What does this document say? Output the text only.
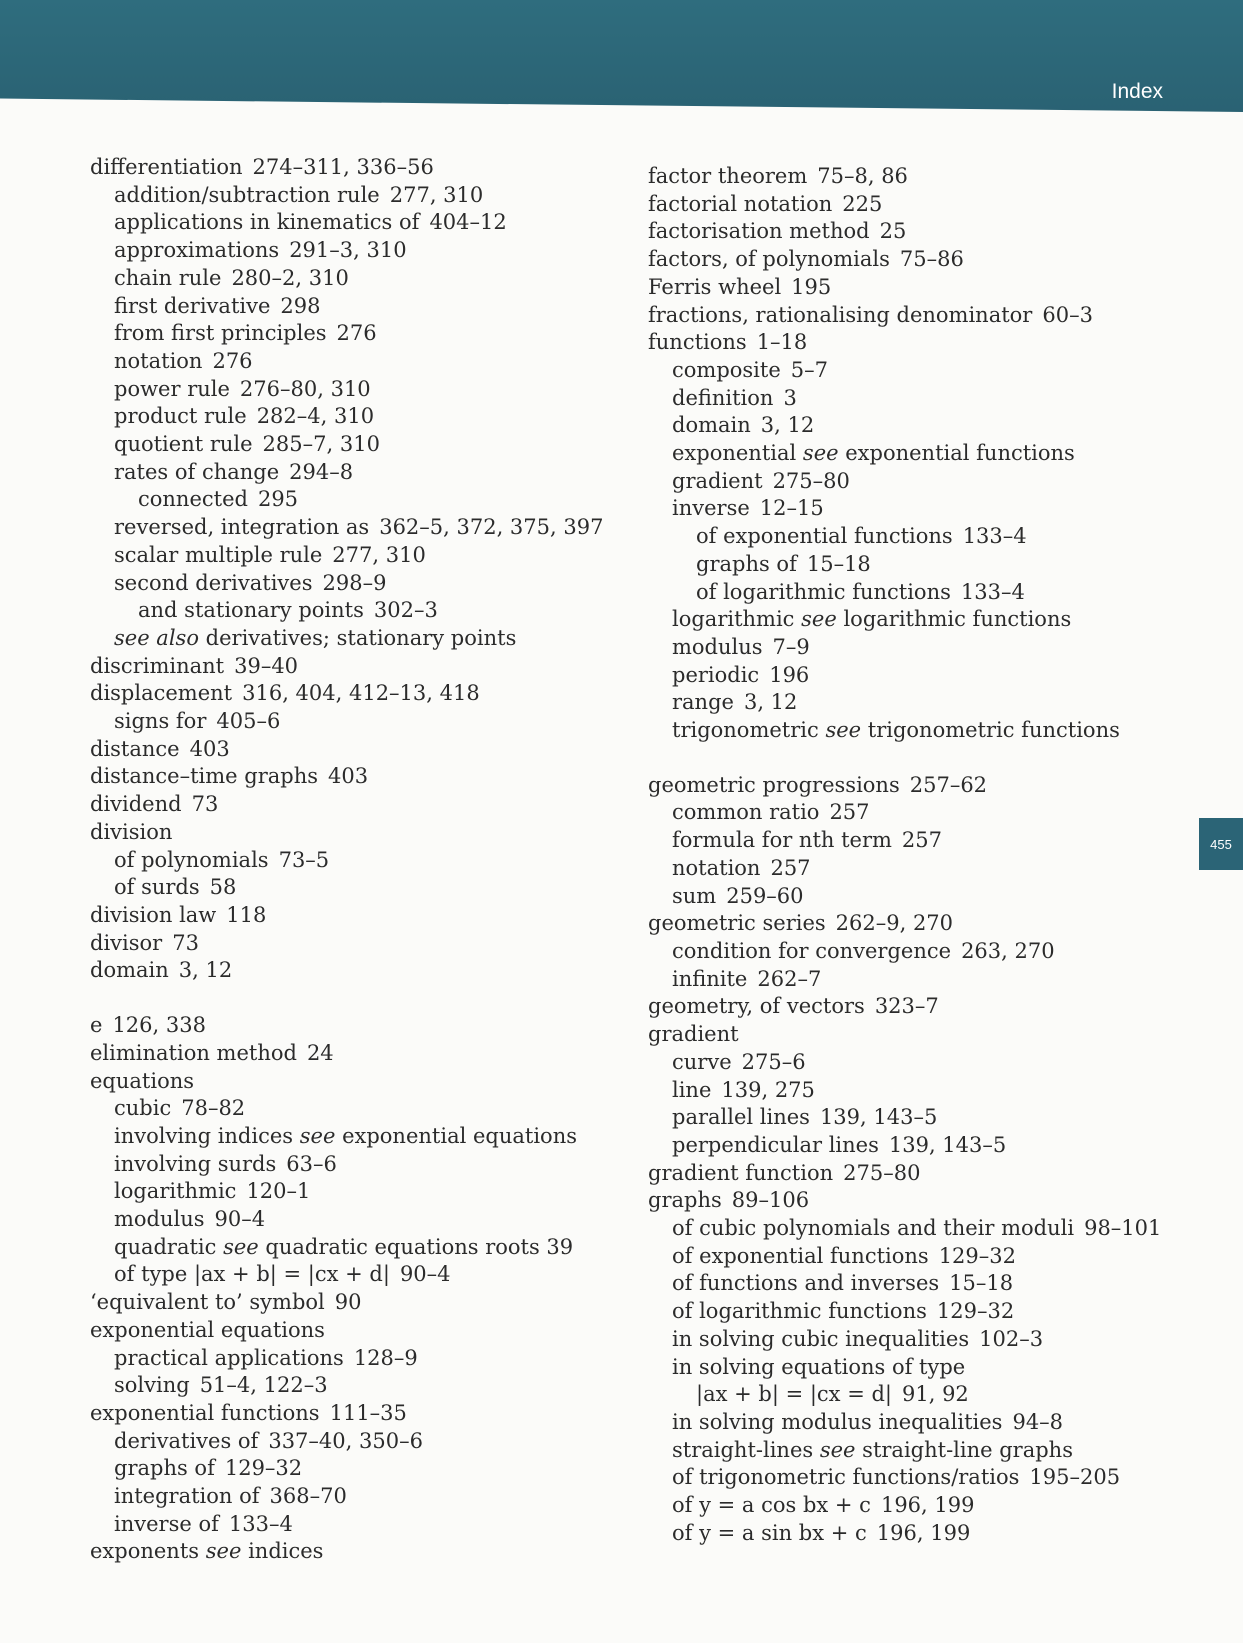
Index
455
differentiation 274–311, 336–56
addition/subtraction rule 277, 310
applications in kinematics of 404–12
approximations 291–3, 310
chain rule 280–2, 310
first derivative 298
from first principles 276
notation 276
power rule 276–80, 310
product rule 282–4, 310
quotient rule 285–7, 310
rates of change 294–8
connected 295
reversed, integration as 362–5, 372, 375, 397
scalar multiple rule 277, 310
second derivatives 298–9
and stationary points 302–3
see also derivatives; stationary points
discriminant 39–40
displacement 316, 404, 412–13, 418
signs for 405–6
distance 403
distance–time graphs 403
dividend 73
division
of polynomials 73–5
of surds 58
division law 118
divisor 73
domain 3, 12
e 126, 338
elimination method 24
equations
cubic 78–82
involving indices see exponential equations
involving surds 63–6
logarithmic 120–1
modulus 90–4
quadratic see quadratic equations roots 39
of type |ax + b| = |cx + d| 90–4
‘equivalent to’ symbol 90
exponential equations
practical applications 128–9
solving 51–4, 122–3
exponential functions 111–35
derivatives of 337–40, 350–6
graphs of 129–32
integration of 368–70
inverse of 133–4
exponents see indices
factor theorem 75–8, 86
factorial notation 225
factorisation method 25
factors, of polynomials 75–86
Ferris wheel 195
fractions, rationalising denominator 60–3
functions 1–18
composite 5–7
definition 3
domain 3, 12
exponential see exponential functions
gradient 275–80
inverse 12–15
of exponential functions 133–4
graphs of 15–18
of logarithmic functions 133–4
logarithmic see logarithmic functions
modulus 7–9
periodic 196
range 3, 12
trigonometric see trigonometric functions
geometric progressions 257–62
common ratio 257
formula for nth term 257
notation 257
sum 259–60
geometric series 262–9, 270
condition for convergence 263, 270
infinite 262–7
geometry, of vectors 323–7
gradient
curve 275–6
line 139, 275
parallel lines 139, 143–5
perpendicular lines 139, 143–5
gradient function 275–80
graphs 89–106
of cubic polynomials and their moduli 98–101
of exponential functions 129–32
of functions and inverses 15–18
of logarithmic functions 129–32
in solving cubic inequalities 102–3
in solving equations of type
|ax + b| = |cx = d| 91, 92
in solving modulus inequalities 94–8
straight-lines see straight-line graphs
of trigonometric functions/ratios 195–205
of y = a cos bx + c 196, 199
of y = a sin bx + c 196, 199
